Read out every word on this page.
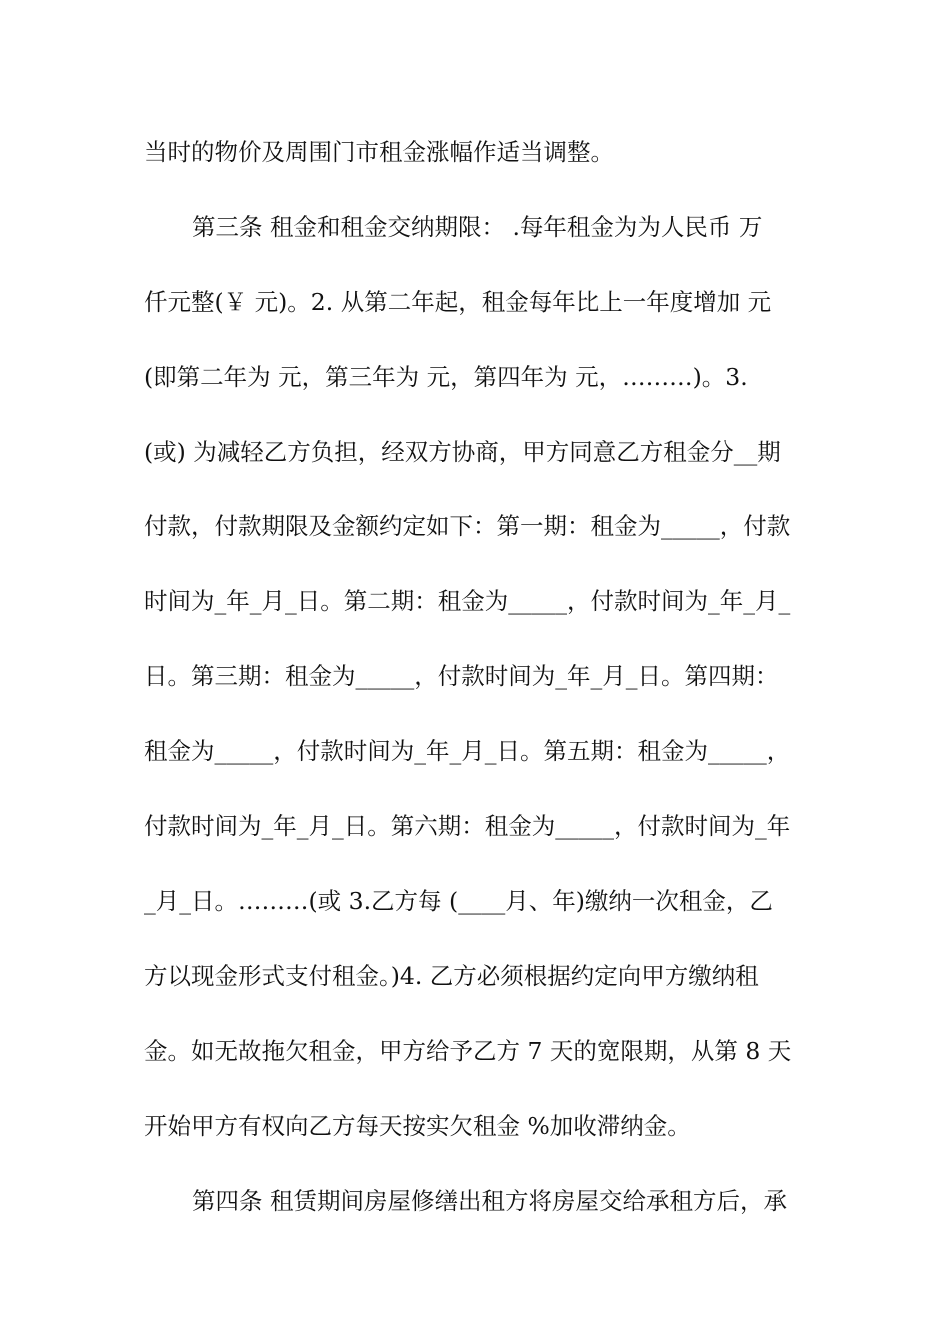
当时的物价及周围门市租金涨幅作适当调整。
第三条 租金和租金交纳期限： .每年租金为为人民币 万
仟元整(￥ 元)。2. 从第二年起，租金每年比上一年度增加 元
(即第二年为 元，第三年为 元，第四年为 元，………)。3.
(或) 为减轻乙方负担，经双方协商，甲方同意乙方租金分__期
付款，付款期限及金额约定如下：第一期：租金为_____，付款
时间为_年_月_日。第二期：租金为_____，付款时间为_年_月_
日。第三期：租金为_____，付款时间为_年_月_日。第四期：
租金为_____，付款时间为_年_月_日。第五期：租金为_____，
付款时间为_年_月_日。第六期：租金为_____，付款时间为_年
_月_日。………(或 3.乙方每 (____月、年)缴纳一次租金，乙
方以现金形式支付租金。)4. 乙方必须根据约定向甲方缴纳租
金。如无故拖欠租金，甲方给予乙方 7 天的宽限期，从第 8 天
开始甲方有权向乙方每天按实欠租金 %加收滞纳金。
第四条 租赁期间房屋修缮出租方将房屋交给承租方后，承
